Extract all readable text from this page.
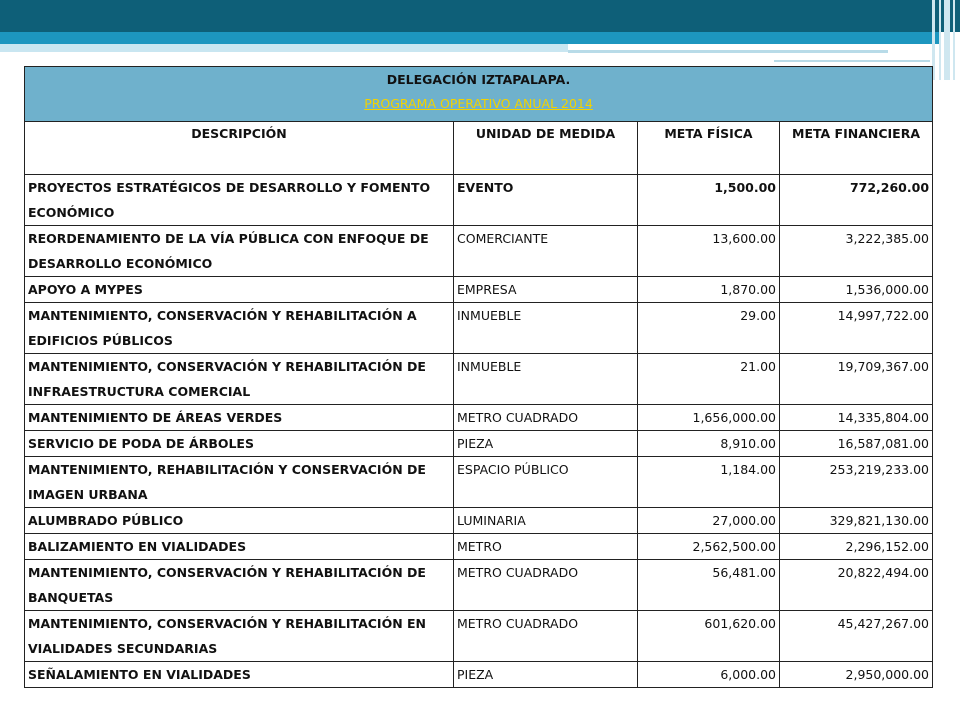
DELEGACIÓN IZTAPALAPA.
PROGRAMA OPERATIVO ANUAL 2014			

DESCRIPCIÓN	UNIDAD DE MEDIDA	META FÍSICA	META FINANCIERA
PROYECTOS ESTRATÉGICOS DE DESARROLLO Y FOMENTO ECONÓMICO	EVENTO	1,500.00	772,260.00
REORDENAMIENTO DE LA VÍA PÚBLICA CON ENFOQUE DE DESARROLLO ECONÓMICO	COMERCIANTE	13,600.00	3,222,385.00
APOYO A MYPES	EMPRESA	1,870.00	1,536,000.00
MANTENIMIENTO, CONSERVACIÓN Y REHABILITACIÓN A EDIFICIOS PÚBLICOS	INMUEBLE	29.00	14,997,722.00
MANTENIMIENTO, CONSERVACIÓN Y REHABILITACIÓN DE INFRAESTRUCTURA COMERCIAL	INMUEBLE	21.00	19,709,367.00
MANTENIMIENTO DE ÁREAS VERDES	METRO CUADRADO	1,656,000.00	14,335,804.00
SERVICIO DE PODA DE ÁRBOLES	PIEZA	8,910.00	16,587,081.00
MANTENIMIENTO, REHABILITACIÓN Y CONSERVACIÓN DE IMAGEN URBANA	ESPACIO PÚBLICO	1,184.00	253,219,233.00
ALUMBRADO PÚBLICO	LUMINARIA	27,000.00	329,821,130.00
BALIZAMIENTO EN VIALIDADES	METRO	2,562,500.00	2,296,152.00
MANTENIMIENTO, CONSERVACIÓN Y REHABILITACIÓN DE BANQUETAS	METRO CUADRADO	56,481.00	20,822,494.00
MANTENIMIENTO, CONSERVACIÓN Y REHABILITACIÓN EN VIALIDADES SECUNDARIAS	METRO CUADRADO	601,620.00	45,427,267.00
SEÑALAMIENTO EN VIALIDADES	PIEZA	6,000.00	2,950,000.00
